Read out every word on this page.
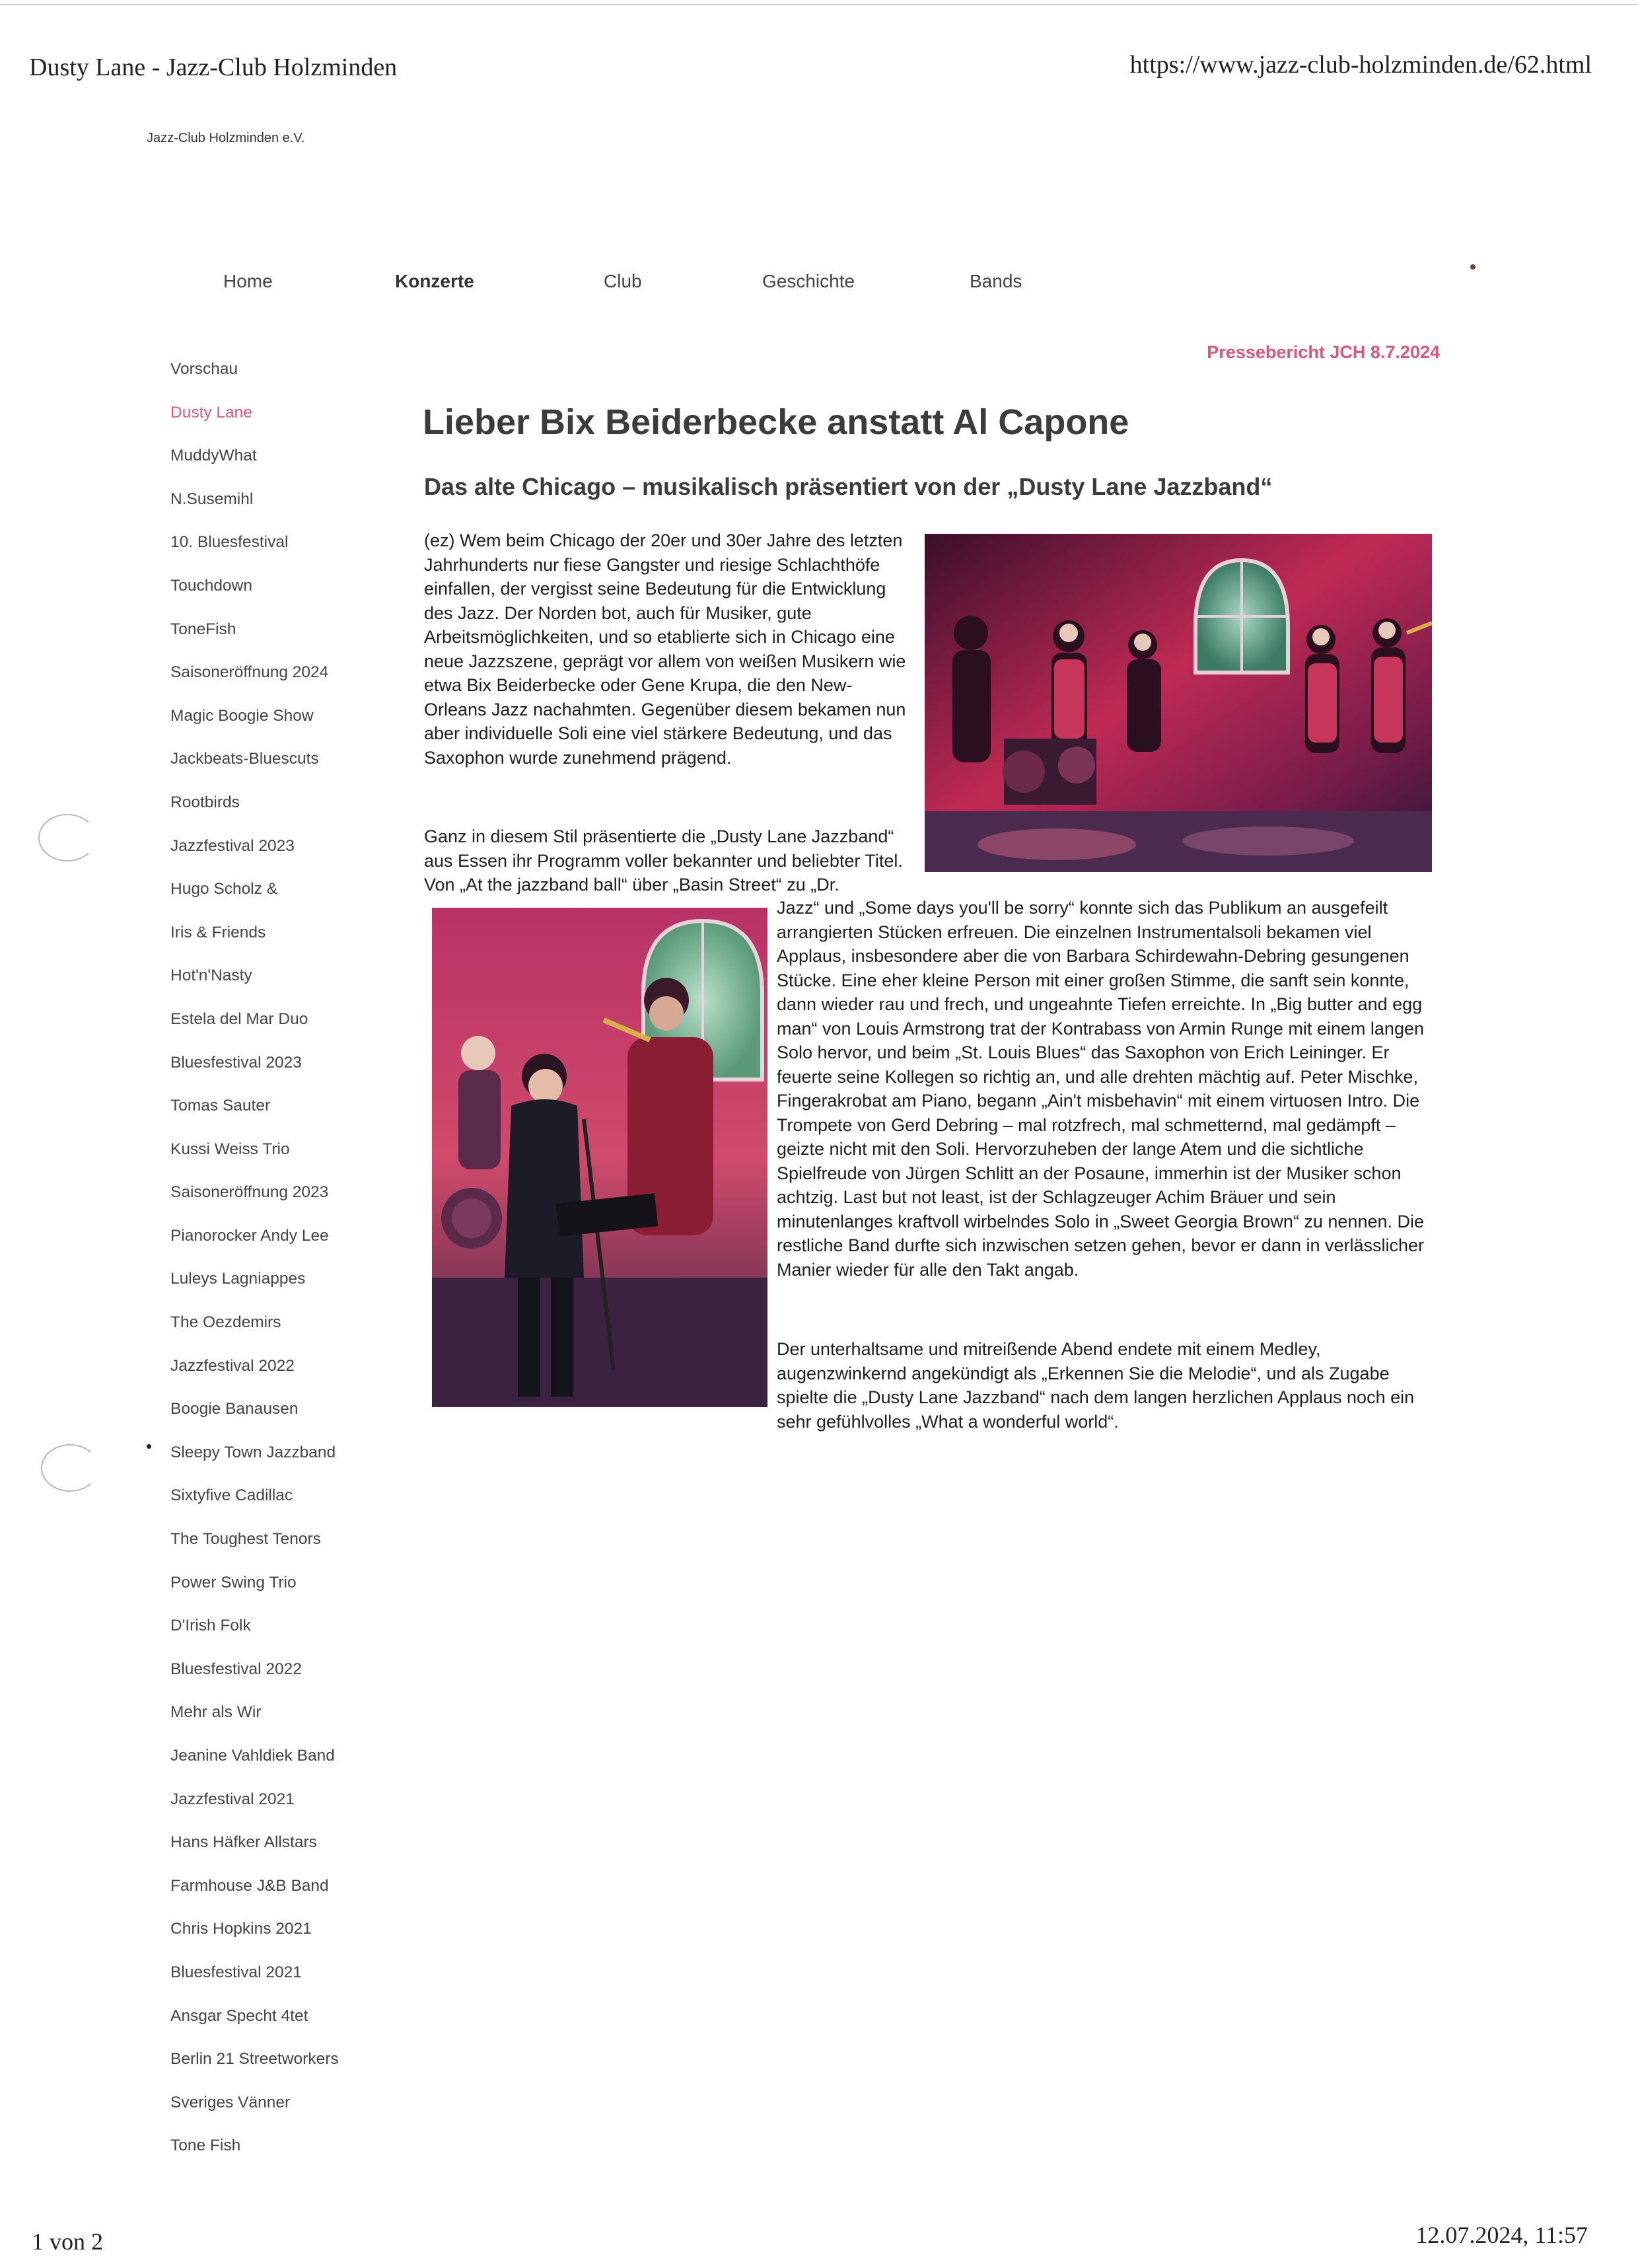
Dusty Lane - Jazz-Club Holzminden	https://www.jazz-club-holzminden.de/62.html
Jazz-Club Holzminden e.V.
Home	Konzerte	Club	Geschichte	Bands
Vorschau
Dusty Lane
MuddyWhat
N.Susemihl
10. Bluesfestival
Touchdown
ToneFish
Saisoneröffnung 2024
Magic Boogie Show
Jackbeats-Bluescuts
Rootbirds
Jazzfestival 2023
Hugo Scholz &
Iris & Friends
Hot'n'Nasty
Estela del Mar Duo
Bluesfestival 2023
Tomas Sauter
Kussi Weiss Trio
Saisoneröffnung 2023
Pianorocker Andy Lee
Luleys Lagniappes
The Oezdemirs
Jazzfestival 2022
Boogie Banausen
Sleepy Town Jazzband
Sixtyfive Cadillac
The Toughest Tenors
Power Swing Trio
D'Irish Folk
Bluesfestival 2022
Mehr als Wir
Jeanine Vahldiek Band
Jazzfestival 2021
Hans Häfker Allstars
Farmhouse J&B Band
Chris Hopkins 2021
Bluesfestival 2021
Ansgar Specht 4tet
Berlin 21 Streetworkers
Sveriges Vänner
Tone Fish
Pressebericht JCH 8.7.2024
Lieber Bix Beiderbecke anstatt Al Capone
Das alte Chicago – musikalisch präsentiert von der „Dusty Lane Jazzband“

(ez) Wem beim Chicago der 20er und 30er Jahre des letzten Jahrhunderts nur fiese Gangster und riesige Schlachthöfe einfallen, der vergisst seine Bedeutung für die Entwicklung des Jazz. Der Norden bot, auch für Musiker, gute Arbeitsmöglichkeiten, und so etablierte sich in Chicago eine neue Jazzszene, geprägt vor allem von weißen Musikern wie etwa Bix Beiderbecke oder Gene Krupa, die den New-Orleans Jazz nachahmten. Gegenüber diesem bekamen nun aber individuelle Soli eine viel stärkere Bedeutung, und das Saxophon wurde zunehmend prägend.

Ganz in diesem Stil präsentierte die „Dusty Lane Jazzband“ aus Essen ihr Programm voller bekannter und beliebter Titel. Von „At the jazzband ball“ über „Basin Street“ zu „Dr.

Jazz“ und „Some days you'll be sorry“ konnte sich das Publikum an ausgefeilt arrangierten Stücken erfreuen. Die einzelnen Instrumentalsoli bekamen viel Applaus, insbesondere aber die von Barbara Schirdewahn-Debring gesungenen Stücke. Eine eher kleine Person mit einer großen Stimme, die sanft sein konnte, dann wieder rau und frech, und ungeahnte Tiefen erreichte. In „Big butter and egg man“ von Louis Armstrong trat der Kontrabass von Armin Runge mit einem langen Solo hervor, und beim „St. Louis Blues“ das Saxophon von Erich Leininger. Er feuerte seine Kollegen so richtig an, und alle drehten mächtig auf. Peter Mischke, Fingerakrobat am Piano, begann „Ain't misbehavin“ mit einem virtuosen Intro. Die Trompete von Gerd Debring – mal rotzfrech, mal schmetternd, mal gedämpft – geizte nicht mit den Soli. Hervorzuheben der lange Atem und die sichtliche Spielfreude von Jürgen Schlitt an der Posaune, immerhin ist der Musiker schon achtzig. Last but not least, ist der Schlagzeuger Achim Bräuer und sein minutenlanges kraftvoll wirbelndes Solo in „Sweet Georgia Brown“ zu nennen. Die restliche Band durfte sich inzwischen setzen gehen, bevor er dann in verlässlicher Manier wieder für alle den Takt angab.

Der unterhaltsame und mitreißende Abend endete mit einem Medley, augenzwinkernd angekündigt als „Erkennen Sie die Melodie“, und als Zugabe spielte die „Dusty Lane Jazzband“ nach dem langen herzlichen Applaus noch ein sehr gefühlvolles „What a wonderful world“.

1 von 2	12.07.2024, 11:57
